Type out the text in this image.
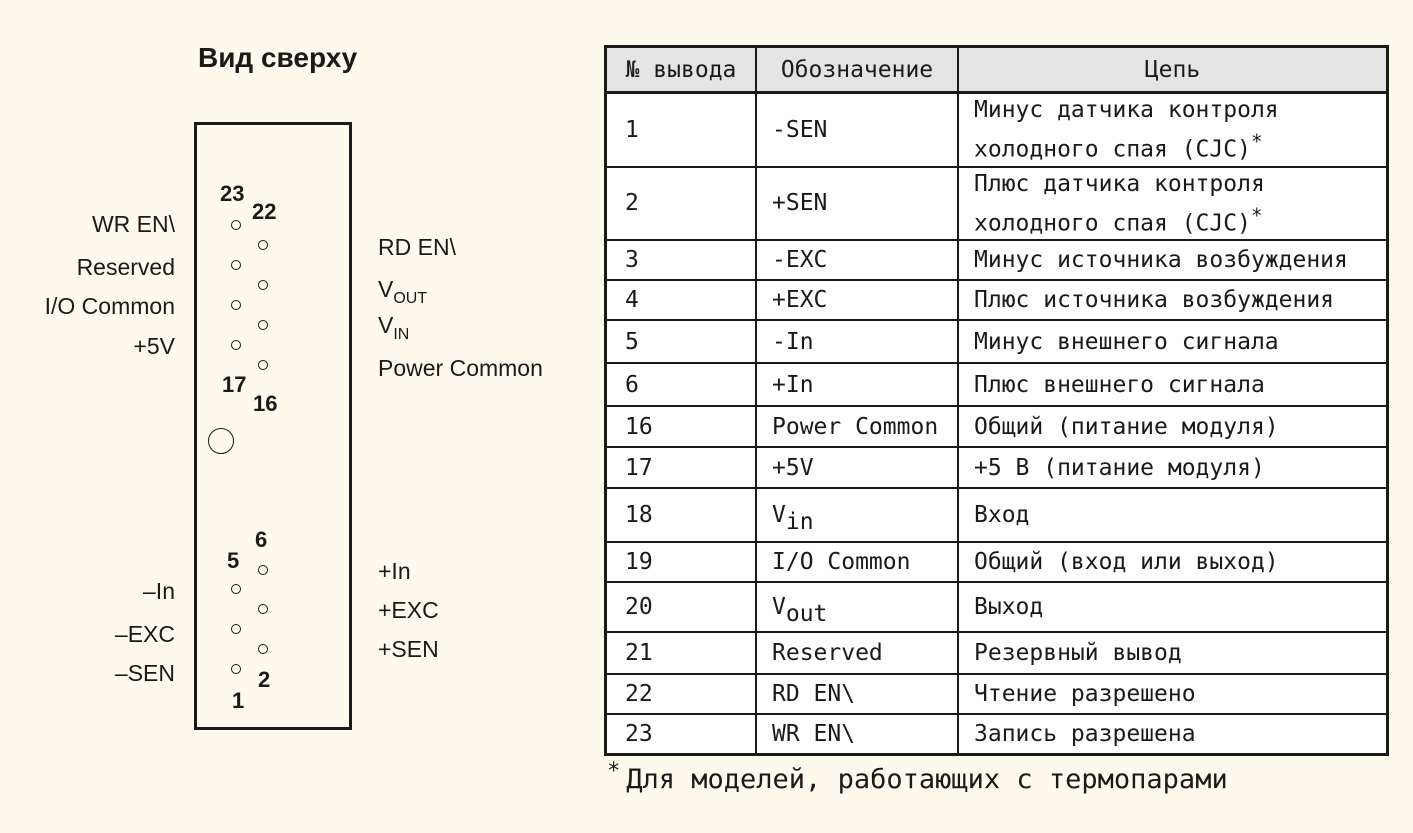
Вид сверху
23
22
17
16
6
5
2
1
WR EN\
Reserved
I/O Common
+5V
–In
–EXC
–SEN
RD EN\
$V_{OUT}$
$V_{IN}$
Power Common
+In
+EXC
+SEN
№ вывода	Обозначение	Цепь
1	-SEN	Минус датчика контроля
холодного спая (CJC)*
2	+SEN	Плюс датчика контроля
холодного спая (CJC)*
3	-EXC	Минус источника возбуждения
4	+EXC	Плюс источника возбуждения
5	-In	Минус внешнего сигнала
6	+In	Плюс внешнего сигнала
16	Power Common	Общий (питание модуля)
17	+5V	+5 В (питание модуля)
18	Vin	Вход
19	I/O Common	Общий (вход или выход)
20	Vout	Выход
21	Reserved	Резервный вывод
22	RD EN\	Чтение разрешено
23	WR EN\	Запись разрешена
* Для моделей, работающих с термопарами
